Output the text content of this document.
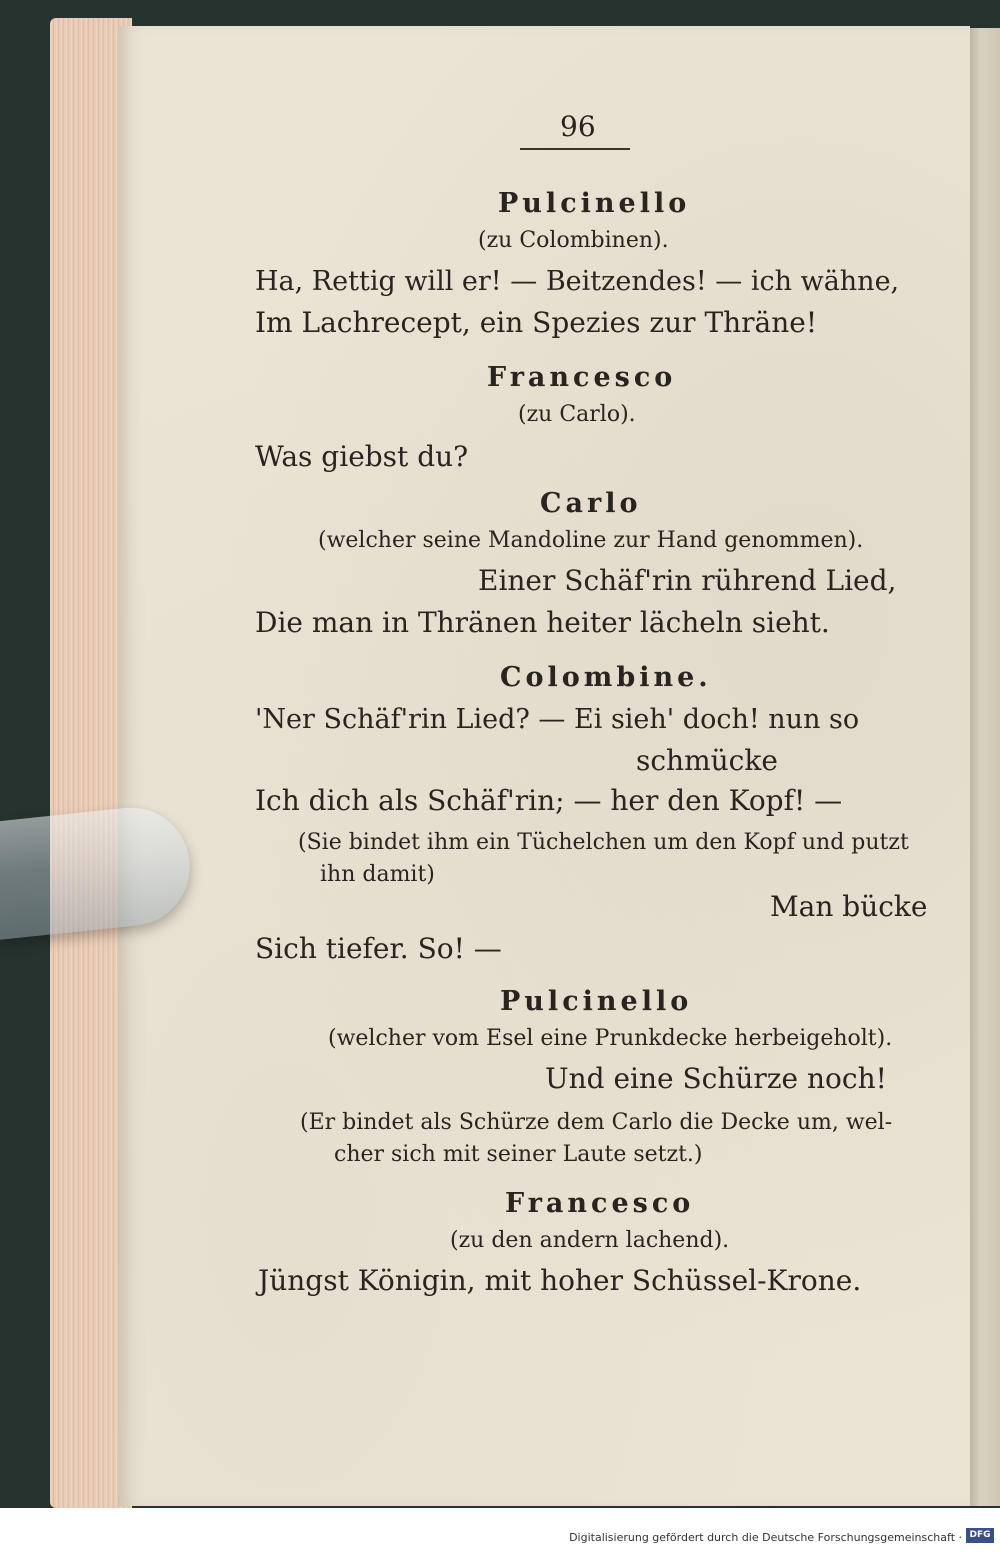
96
Pulcinello
(zu Colombinen).
Ha, Rettig will er! — Beitzendes! — ich wähne,
Im Lachrecept, ein Spezies zur Thräne!
Francesco
(zu Carlo).
Was giebst du?
Carlo
(welcher seine Mandoline zur Hand genommen).
Einer Schäf'rin rührend Lied,
Die man in Thränen heiter lächeln sieht.
Colombine.
'Ner Schäf'rin Lied? — Ei sieh' doch! nun so
schmücke
Ich dich als Schäf'rin; — her den Kopf! —
(Sie bindet ihm ein Tüchelchen um den Kopf und putzt
ihn damit)
Man bücke
Sich tiefer. So! —
Pulcinello
(welcher vom Esel eine Prunkdecke herbeigeholt).
Und eine Schürze noch!
(Er bindet als Schürze dem Carlo die Decke um, wel-
cher sich mit seiner Laute setzt.)
Francesco
(zu den andern lachend).
Jüngst Königin, mit hoher Schüssel-Krone.
Digitalisierung gefördert durch die Deutsche Forschungsgemeinschaft · DFG
